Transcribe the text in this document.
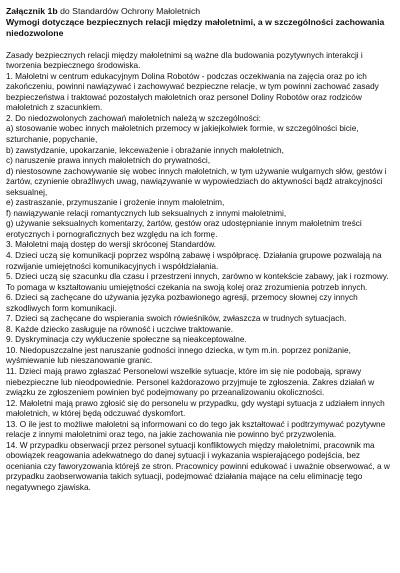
Załącznik 1b do Standardów Ochrony Małoletnich

Wymogi dotyczące bezpiecznych relacji między małoletnimi, a w szczególności zachowania niedozwolone

Zasady bezpiecznych relacji między małoletnimi są ważne dla budowania pozytywnych interakcji i tworzenia bezpiecznego środowiska.

1. Małoletni w centrum edukacyjnym Dolina Robotów - podczas oczekiwania na zajęcia oraz po ich zakończeniu, powinni nawiązywać i zachowywać bezpieczne relacje, w tym powinni zachować zasady bezpieczeństwa i traktować pozostałych małoletnich oraz personel Doliny Robotów oraz rodziców małoletnich z szacunkiem.

2. Do niedozwolonych zachowań małoletnich należą w szczególności:

a) stosowanie wobec innych małoletnich przemocy w jakiejkolwiek formie, w szczególności bicie, szturchanie, popychanie,

b) zawstydzanie, upokarzanie, lekceważenie i obrażanie innych małoletnich,

c) naruszenie prawa innych małoletnich do prywatności,

d) niestosowne zachowywanie się wobec innych małoletnich, w tym używanie wulgarnych słów, gestów i żartów, czynienie obraźliwych uwag, nawiązywanie w wypowiedziach do aktywności bądź atrakcyjności seksualnej,

e) zastraszanie, przymuszanie i grożenie innym małoletnim,

f) nawiązywanie relacji romantycznych lub seksualnych z innymi małoletnimi,

g) używanie seksualnych komentarzy, żartów, gestów oraz udostępnianie innym małoletnim treści erotycznych i pornograficznych bez względu na ich formę.

3. Małoletni mają dostęp do wersji skróconej Standardów.

4. Dzieci uczą się komunikacji poprzez wspólną zabawę i współpracę. Działania grupowe pozwalają na rozwijanie umiejętności komunikacyjnych i współdziałania.

5. Dzieci uczą się szacunku dla czasu i przestrzeni innych, zarówno w kontekście zabawy, jak i rozmowy. To pomaga w kształtowaniu umiejętności czekania na swoją kolej oraz zrozumienia potrzeb innych.

6. Dzieci są zachęcane do używania języka pozbawionego agresji, przemocy słownej czy innych szkodliwych form komunikacji.

7. Dzieci są zachęcane do wspierania swoich rówieśników, zwłaszcza w trudnych sytuacjach.

8. Każde dziecko zasługuje na równość i uczciwe traktowanie.

9. Dyskryminacja czy wykluczenie społeczne są nieakceptowalne.

10. Niedopuszczalne jest naruszanie godności innego dziecka, w tym m.in. poprzez poniżanie, wyśmiewanie lub nieszanowanie granic.

11. Dzieci mają prawo zgłaszać Personelowi wszelkie sytuacje, które im się nie podobają, sprawy niebezpieczne lub nieodpowiednie. Personel każdorazowo przyjmuje te zgłoszenia. Zakres działań w związku ze zgłoszeniem powinien być podejmowany po przeanalizowaniu okoliczności.

12. Małoletni mają prawo zgłosić się do personelu w przypadku, gdy wystąpi sytuacja z udziałem innych małoletnich, w której będą odczuwać dyskomfort.

13. O ile jest to możliwe małoletni są informowani co do tego jak kształtować i podtrzymywać pozytywne relacje z innymi małoletnimi oraz tego, na jakie zachowania nie powinno być przyzwolenia.

14. W przypadku obserwacji przez personel sytuacji konfliktowych między małoletnimi, pracownik ma obowiązek reagowania adekwatnego do danej sytuacji i wykazania wspierającego podejścia, bez oceniania czy faworyzowania którejś ze stron. Pracownicy powinni edukować i uważnie obserwować, a w przypadku zaobserwowania takich sytuacji, podejmować działania mające na celu eliminację tego negatywnego zjawiska.
